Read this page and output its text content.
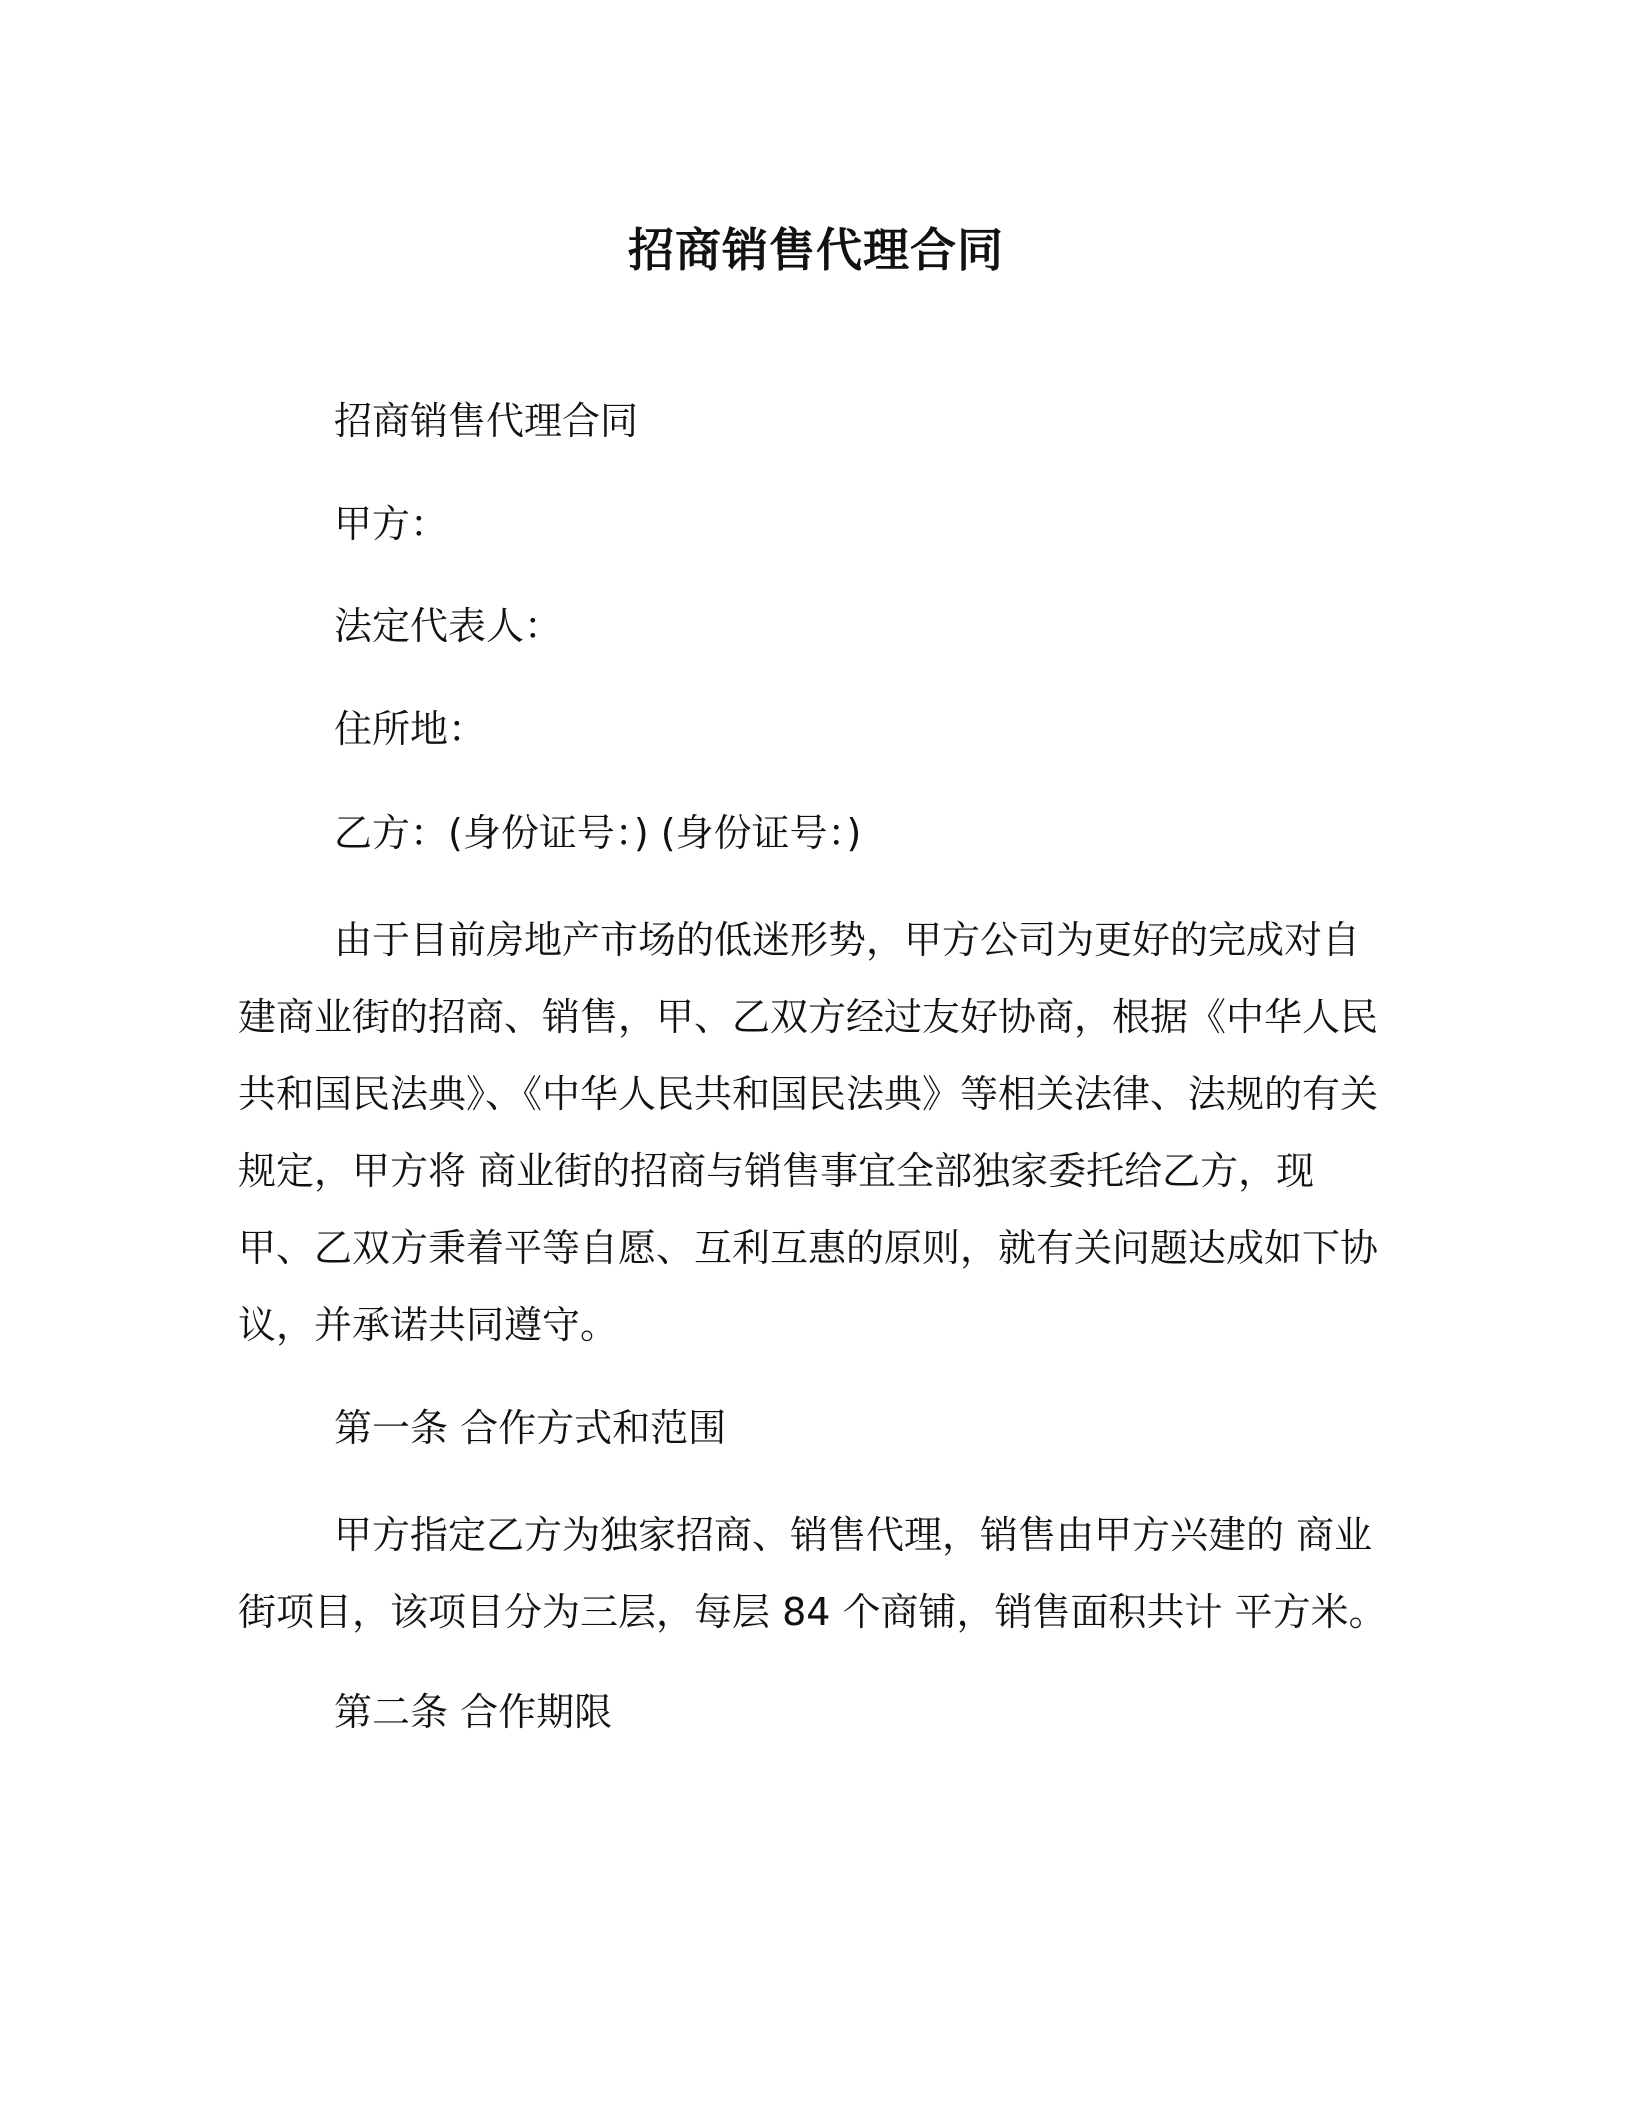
招商销售代理合同
招商销售代理合同
甲方：
法定代表人：
住所地：
乙方：(身份证号：) (身份证号：)

由于目前房地产市场的低迷形势，甲方公司为更好的完成对自建商业街的招商、销售，甲、乙双方经过友好协商，根据《中华人民共和国民法典》、《中华人民共和国民法典》等相关法律、法规的有关规定，甲方将 商业街的招商与销售事宜全部独家委托给乙方，现甲、乙双方秉着平等自愿、互利互惠的原则，就有关问题达成如下协议，并承诺共同遵守。

第一条 合作方式和范围

甲方指定乙方为独家招商、销售代理，销售由甲方兴建的 商业街项目，该项目分为三层，每层 84 个商铺，销售面积共计 平方米。

第二条 合作期限
